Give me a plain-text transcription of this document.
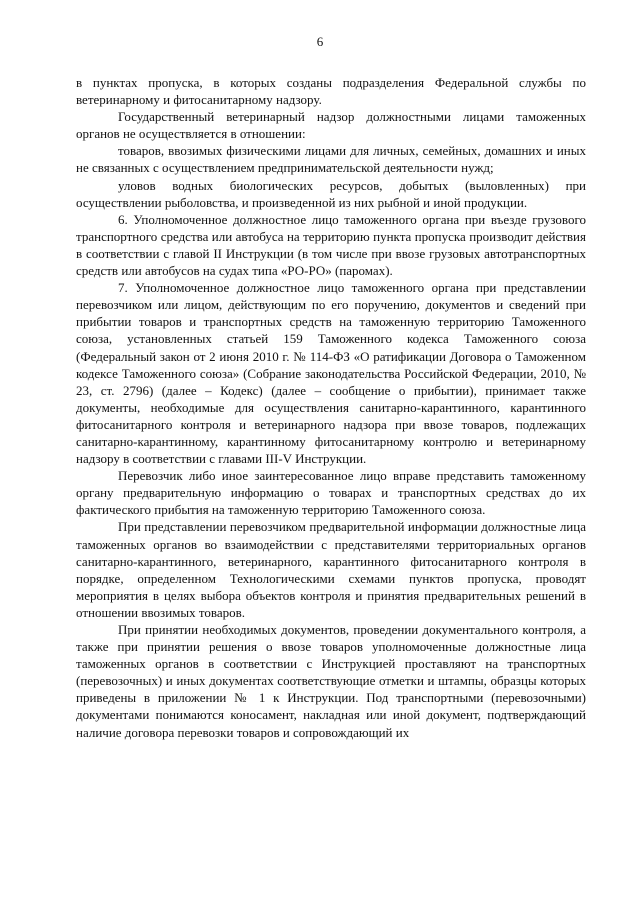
6

в пунктах пропуска, в которых созданы подразделения Федеральной службы по ветеринарному и фитосанитарному надзору.

Государственный ветеринарный надзор должностными лицами таможенных органов не осуществляется в отношении:

товаров, ввозимых физическими лицами для личных, семейных, домашних и иных не связанных с осуществлением предпринимательской деятельности нужд;

уловов водных биологических ресурсов, добытых (выловленных) при осуществлении рыболовства, и произведенной из них рыбной и иной продукции.

6. Уполномоченное должностное лицо таможенного органа при въезде грузового транспортного средства или автобуса на территорию пункта пропуска производит действия в соответствии с главой II Инструкции (в том числе при ввозе грузовых автотранспортных средств или автобусов на судах типа «РО-РО» (паромах).

7. Уполномоченное должностное лицо таможенного органа при представлении перевозчиком или лицом, действующим по его поручению, документов и сведений при прибытии товаров и транспортных средств на таможенную территорию Таможенного союза, установленных статьей 159 Таможенного кодекса Таможенного союза (Федеральный закон от 2 июня 2010 г. № 114-ФЗ «О ратификации Договора о Таможенном кодексе Таможенного союза» (Собрание законодательства Российской Федерации, 2010, № 23, ст. 2796) (далее – Кодекс) (далее – сообщение о прибытии), принимает также документы, необходимые для осуществления санитарно-карантинного, карантинного фитосанитарного контроля и ветеринарного надзора при ввозе товаров, подлежащих санитарно-карантинному, карантинному фитосанитарному контролю и ветеринарному надзору в соответствии с главами III-V Инструкции.

Перевозчик либо иное заинтересованное лицо вправе представить таможенному органу предварительную информацию о товарах и транспортных средствах до их фактического прибытия на таможенную территорию Таможенного союза.

При представлении перевозчиком предварительной информации должностные лица таможенных органов во взаимодействии с представителями территориальных органов санитарно-карантинного, ветеринарного, карантинного фитосанитарного контроля в порядке, определенном Технологическими схемами пунктов пропуска, проводят мероприятия в целях выбора объектов контроля и принятия предварительных решений в отношении ввозимых товаров.

При принятии необходимых документов, проведении документального контроля, а также при принятии решения о ввозе товаров уполномоченные должностные лица таможенных органов в соответствии с Инструкцией проставляют на транспортных (перевозочных) и иных документах соответствующие отметки и штампы, образцы которых приведены в приложении № 1 к Инструкции. Под транспортными (перевозочными) документами понимаются коносамент, накладная или иной документ, подтверждающий наличие договора перевозки товаров и сопровождающий их
